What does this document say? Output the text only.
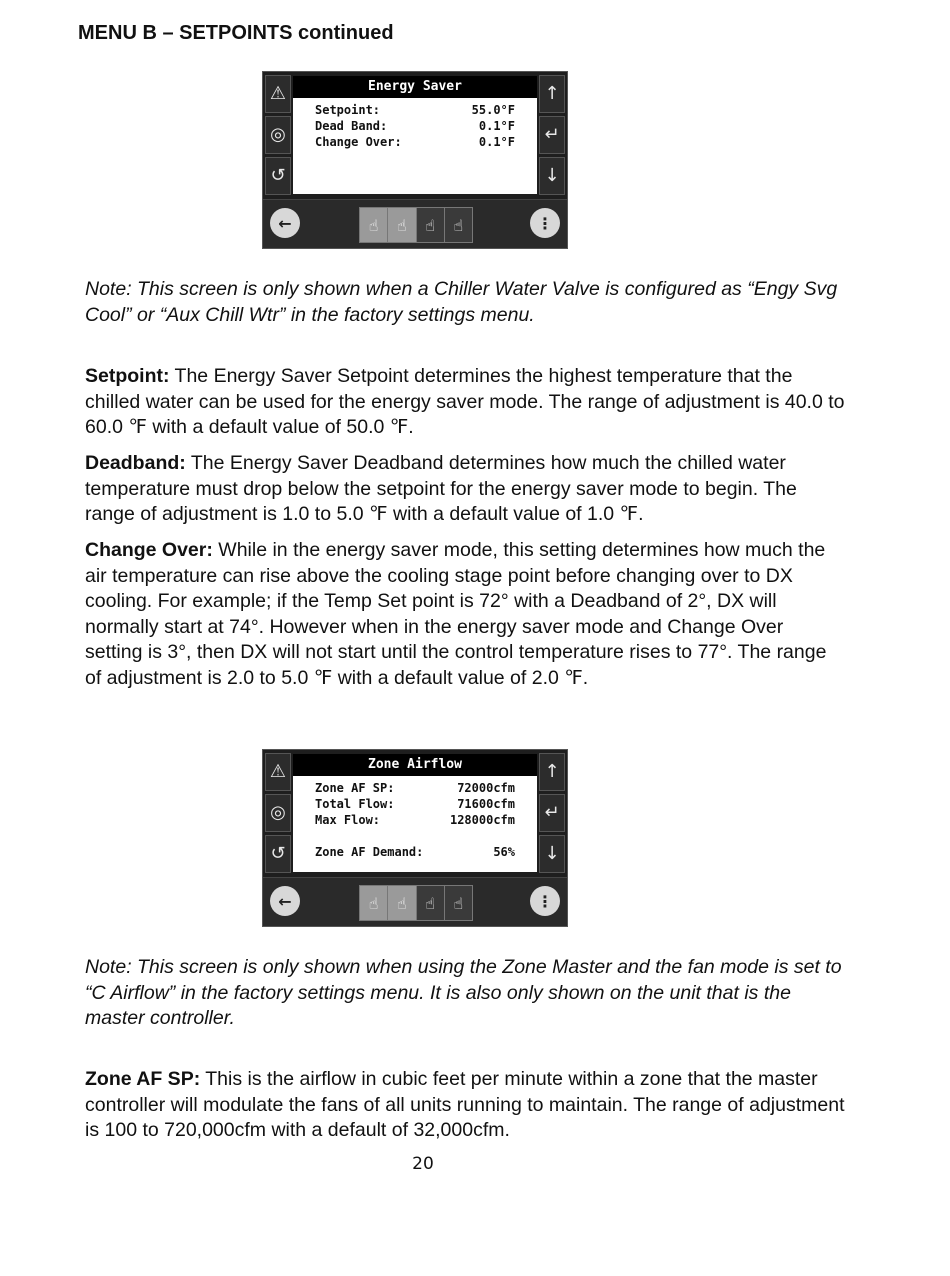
MENU B – SETPOINTS continued
⚠
◎
↺
Energy Saver
Setpoint:	55.0°F
Dead Band:	0.1°F
Change Over:	0.1°F
↑
↵
↓
←	☝	☝	☝	☝	⋮

Note: This screen is only shown when a Chiller Water Valve is configured as “Engy Svg Cool” or “Aux Chill Wtr” in the factory settings menu.

Setpoint: The Energy Saver Setpoint determines the highest temperature that the chilled water can be used for the energy saver mode. The range of adjustment is 40.0 to 60.0 ℉ with a default value of 50.0 ℉.

Deadband: The Energy Saver Deadband determines how much the chilled water temperature must drop below the setpoint for the energy saver mode to begin. The range of adjustment is 1.0 to 5.0 ℉ with a default value of 1.0 ℉.

Change Over: While in the energy saver mode, this setting determines how much the air temperature can rise above the cooling stage point before changing over to DX cooling. For example; if the Temp Set point is 72° with a Deadband of 2°, DX will normally start at 74°. However when in the energy saver mode and Change Over setting is 3°, then DX will not start until the control temperature rises to 77°. The range of adjustment is 2.0 to 5.0 ℉ with a default value of 2.0 ℉.

⚠
◎
↺
Zone Airflow
Zone AF SP:	72000cfm
Total Flow:	71600cfm
Max Flow:	128000cfm
Zone AF Demand:	56%
↑
↵
↓
←	☝	☝	☝	☝	⋮

Note: This screen is only shown when using the Zone Master and the fan mode is set to “C Airflow” in the factory settings menu. It is also only shown on the unit that is the master controller.

Zone AF SP: This is the airflow in cubic feet per minute within a zone that the master controller will modulate the fans of all units running to maintain. The range of adjustment is 100 to 720,000cfm with a default of 32,000cfm.

20
